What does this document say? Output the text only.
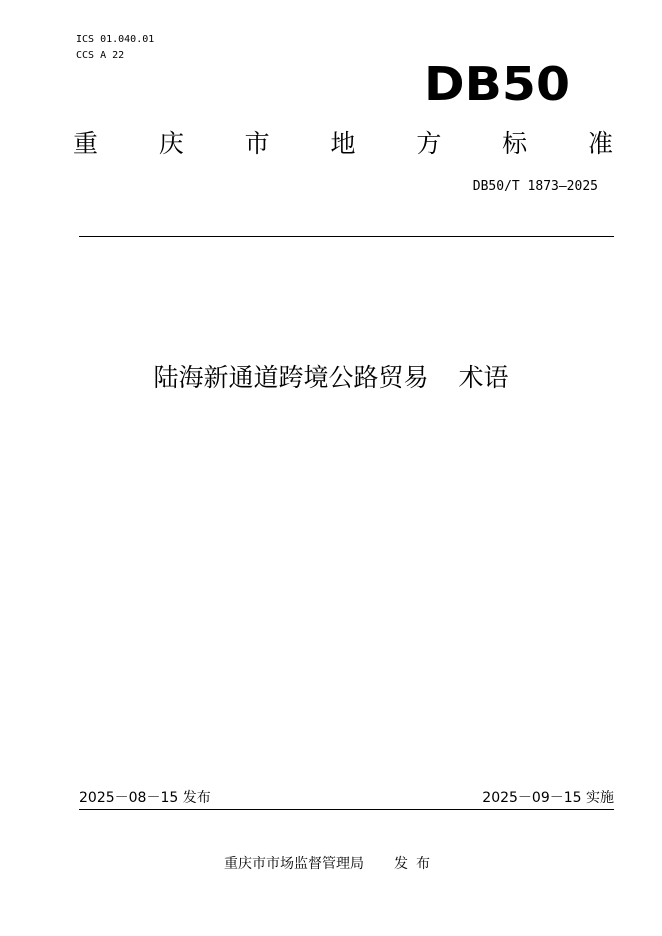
ICS 01.040.01
CCS A 22
DB50
重 庆 市 地 方 标 准
DB50/T 1873—2025
陆海新通道跨境公路贸易 术语
2025－08－15 发布	2025－09－15 实施
重庆市市场监督管理局 发布
